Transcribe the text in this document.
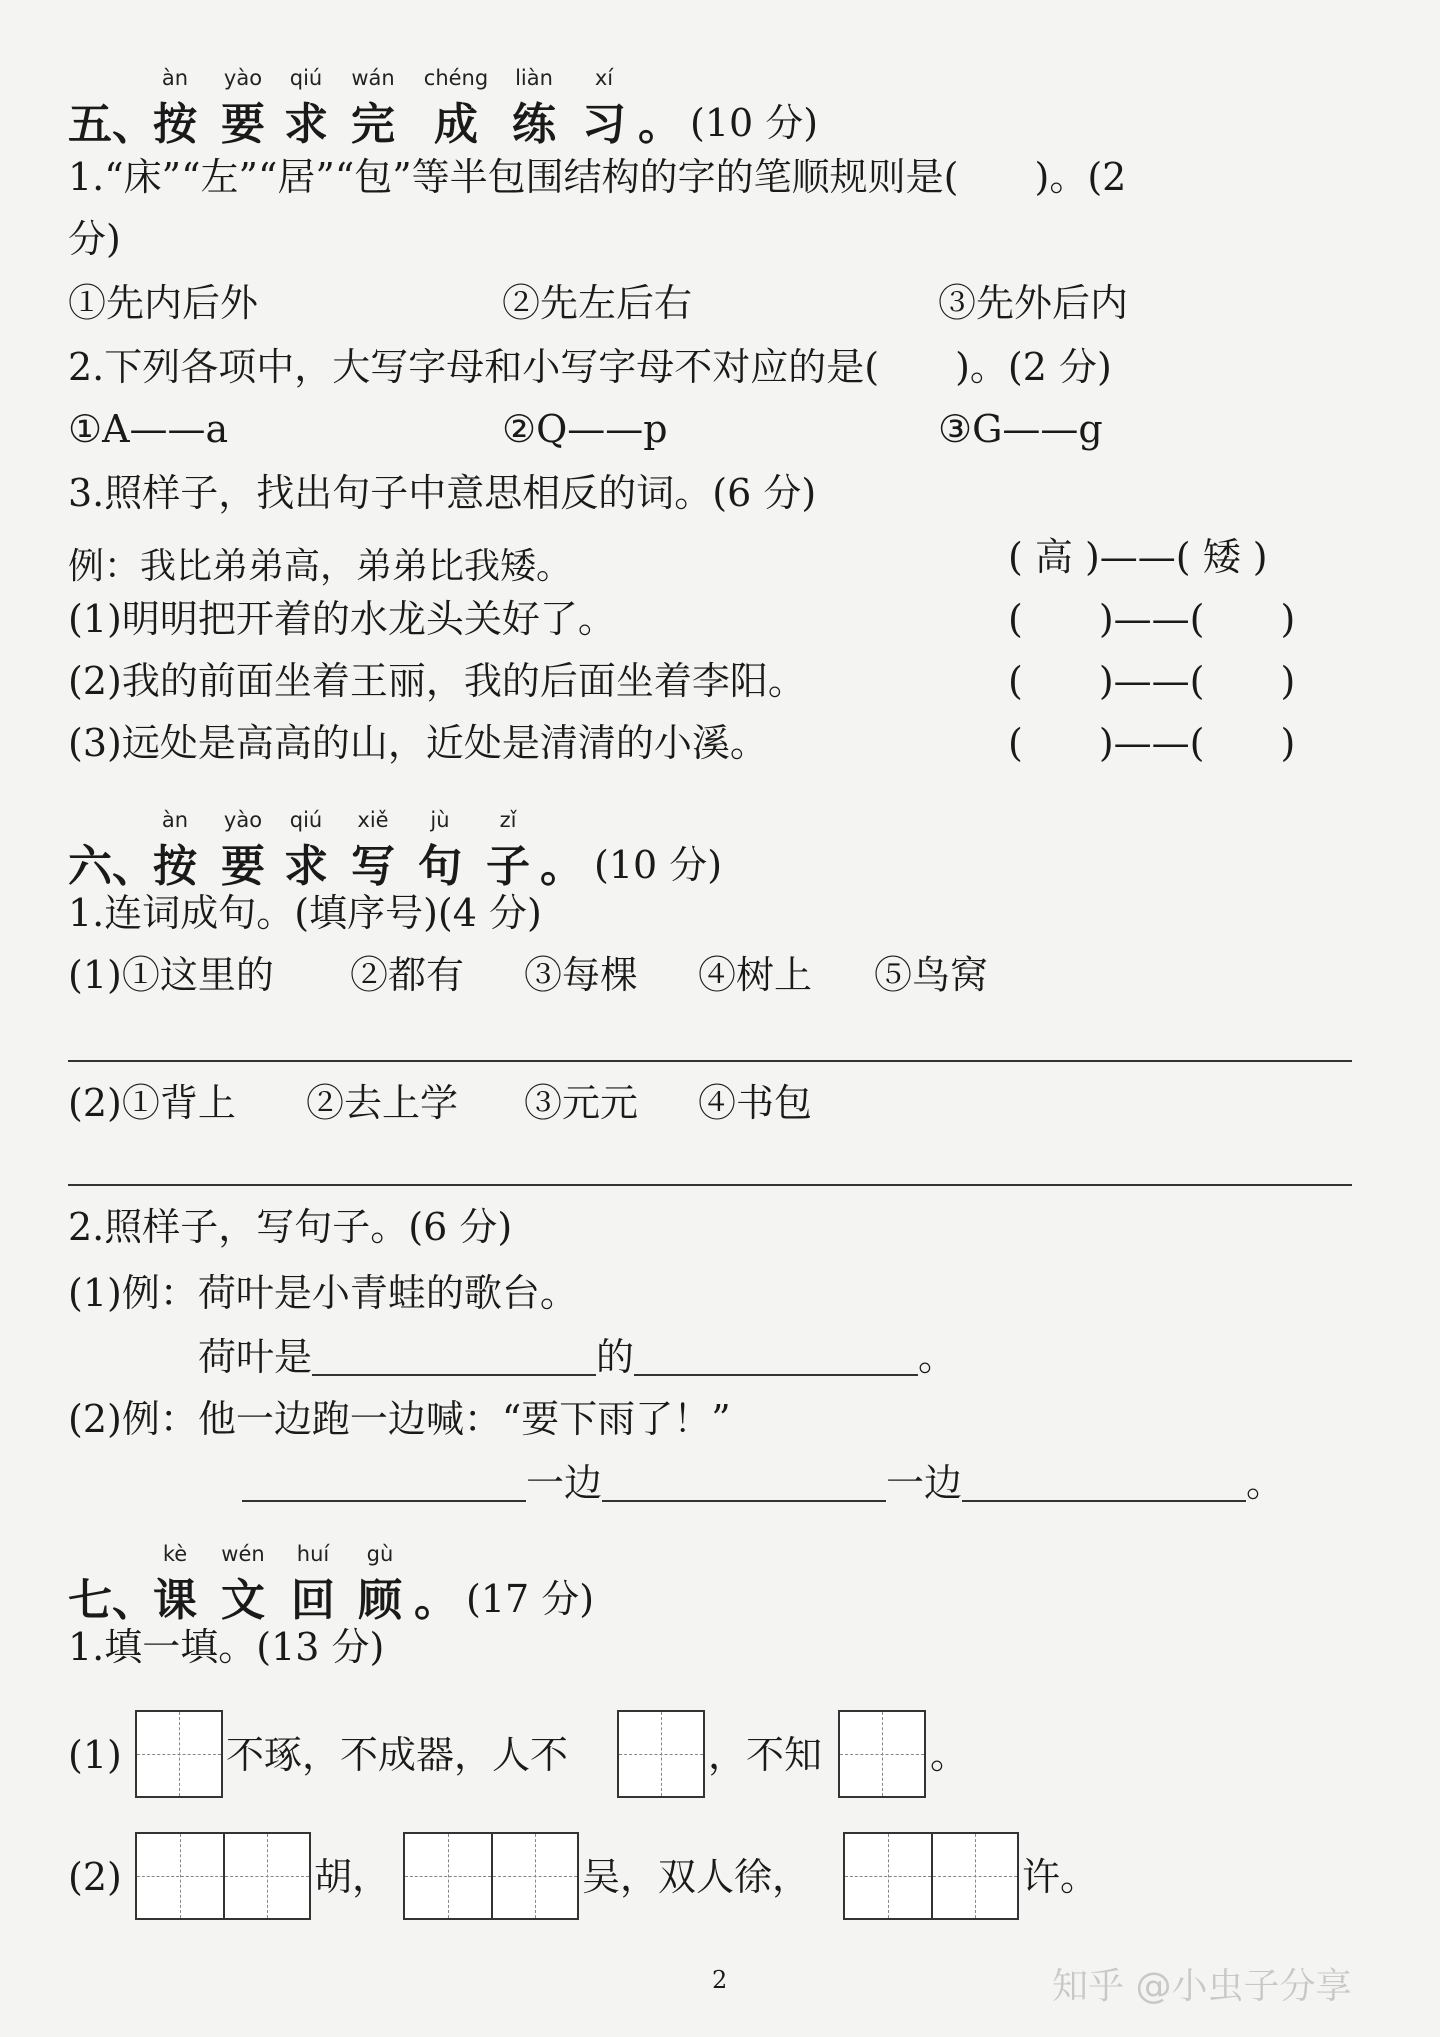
àn	yào	qiú	wán	chéng	liàn	xí
五、
按 要 求 完 成 练 习 。 (10 分)
1.“床”“左”“居”“包”等半包围结构的字的笔顺规则是(　　)。(2
分)
①先内后外	②先左后右	③先外后内
2.下列各项中，大写字母和小写字母不对应的是(　　)。(2 分)
①A——a	②Q——p	③G——g
3.照样子，找出句子中意思相反的词。(6 分)
例：我比弟弟高，弟弟比我矮。	( 高 )——( 矮 )
(1)明明把开着的水龙头关好了。	(　　)——(　　)
(2)我的前面坐着王丽，我的后面坐着李阳。	(　　)——(　　)
(3)远处是高高的山，近处是清清的小溪。	(　　)——(　　)
àn	yào	qiú	xiě	jù	zǐ
六、
按 要 求 写 句 子 。 (10 分)
1.连词成句。(填序号)(4 分)
(1)①这里的 ②都有 ③每棵 ④树上 ⑤鸟窝
(2)①背上 ②去上学 ③元元 ④书包
2.照样子，写句子。(6 分)
(1)例：荷叶是小青蛙的歌台。
荷叶是	的	。
(2)例：他一边跑一边喊：“要下雨了！”
一边	一边	。
kè	wén	huí	gù
七、
课 文 回 顾 。 (17 分)
1.填一填。(13 分)
(1)	不琢，不成器，人不	，不知	。
(2)	胡，	吴，双人徐，	许。
2	知乎 @小虫子分享
